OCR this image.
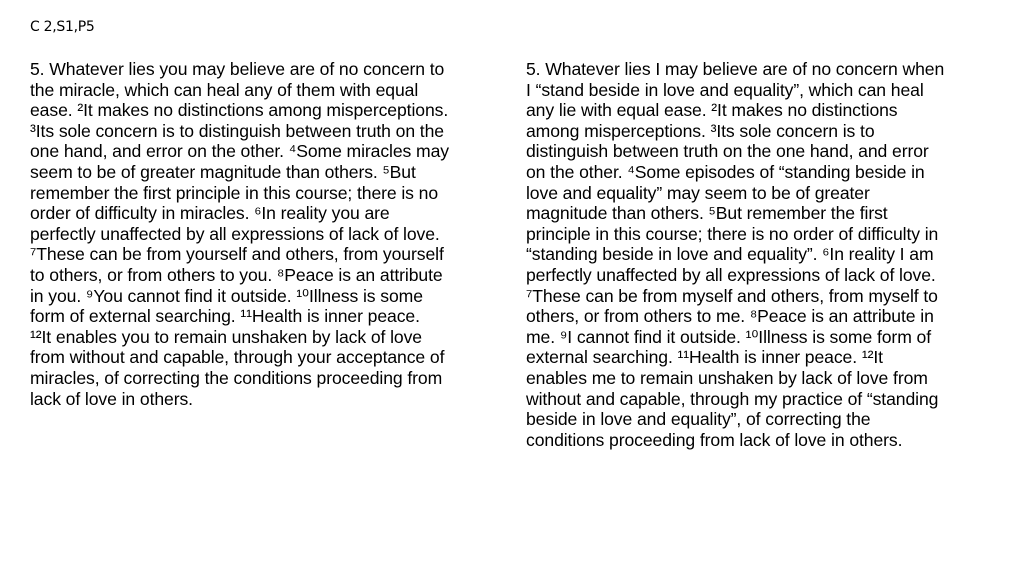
C 2,S1,P5
5. Whatever lies you may believe are of no concern to
the miracle, which can heal any of them with equal
ease. ²It makes no distinctions among misperceptions.
³Its sole concern is to distinguish between truth on the
one hand, and error on the other. ⁴Some miracles may
seem to be of greater magnitude than others. ⁵But
remember the first principle in this course; there is no
order of difficulty in miracles. ⁶In reality you are
perfectly unaffected by all expressions of lack of love.
⁷These can be from yourself and others, from yourself
to others, or from others to you. ⁸Peace is an attribute
in you. ⁹You cannot find it outside. ¹⁰Illness is some
form of external searching. ¹¹Health is inner peace.
¹²It enables you to remain unshaken by lack of love
from without and capable, through your acceptance of
miracles, of correcting the conditions proceeding from
lack of love in others.
5. Whatever lies I may believe are of no concern when
I “stand beside in love and equality”, which can heal
any lie with equal ease. ²It makes no distinctions
among misperceptions. ³Its sole concern is to
distinguish between truth on the one hand, and error
on the other. ⁴Some episodes of “standing beside in
love and equality” may seem to be of greater
magnitude than others. ⁵But remember the first
principle in this course; there is no order of difficulty in
“standing beside in love and equality”. ⁶In reality I am
perfectly unaffected by all expressions of lack of love.
⁷These can be from myself and others, from myself to
others, or from others to me. ⁸Peace is an attribute in
me. ⁹I cannot find it outside. ¹⁰Illness is some form of
external searching. ¹¹Health is inner peace. ¹²It
enables me to remain unshaken by lack of love from
without and capable, through my practice of “standing
beside in love and equality”, of correcting the
conditions proceeding from lack of love in others.
